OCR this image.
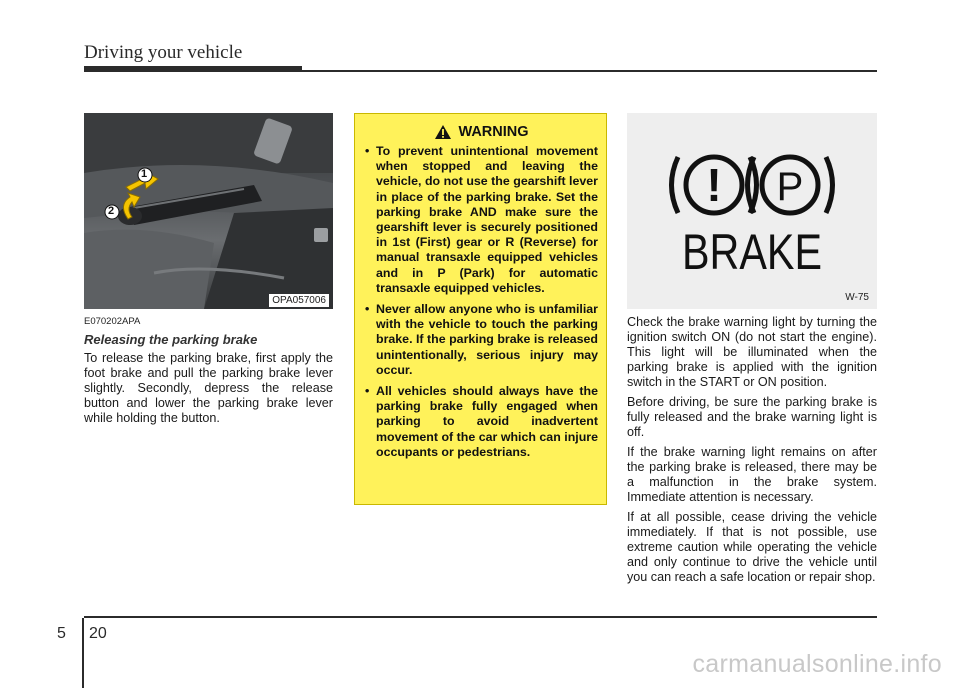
Driving your vehicle
1
2
OPA057006
E070202APA
Releasing the parking brake
To release the parking brake, first apply the foot brake and pull the parking brake lever slightly. Secondly, depress the release button and lower the parking brake lever while holding the button.
WARNING
• To prevent unintentional movement when stopped and leaving the vehicle, do not use the gearshift lever in place of the parking brake. Set the parking brake AND make sure the gearshift lever is securely positioned in 1st (First) gear or R (Reverse) for manual transaxle equipped vehicles and in P (Park) for automatic transaxle equipped vehicles.
• Never allow anyone who is unfamiliar with the vehicle to touch the parking brake. If the parking brake is released unintentionally, serious injury may occur.
• All vehicles should always have the parking brake fully engaged when parking to avoid inadvertent movement of the car which can injure occupants or pedestrians.
! P
BRAKE
W-75

Check the brake warning light by turning the ignition switch ON (do not start the engine). This light will be illuminated when the parking brake is applied with the ignition switch in the START or ON position.

Before driving, be sure the parking brake is fully released and the brake warning light is off.

If the brake warning light remains on after the parking brake is released, there may be a malfunction in the brake system. Immediate attention is necessary.

If at all possible, cease driving the vehicle immediately. If that is not possible, use extreme caution while operating the vehicle and only continue to drive the vehicle until you can reach a safe location or repair shop.

5 20
carmanualsonline.info
